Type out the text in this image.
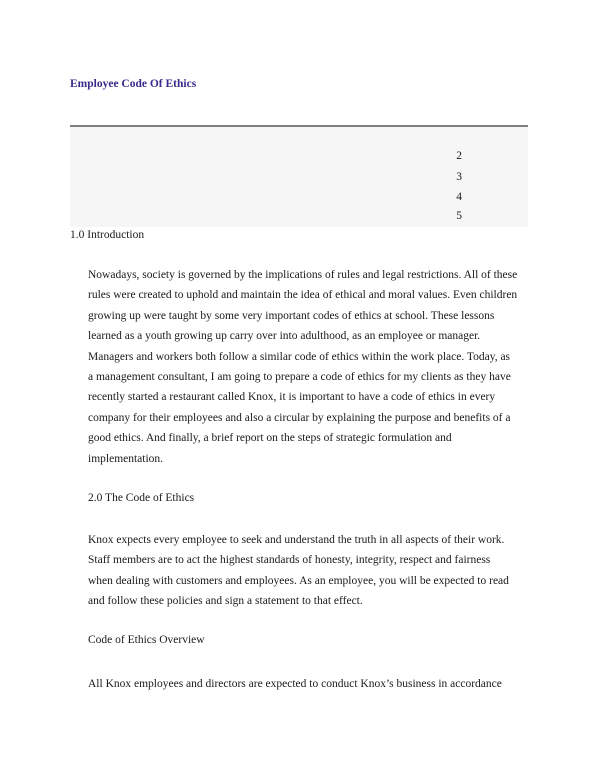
Employee Code Of Ethics

2

3

4

5

1.0 Introduction

Nowadays, society is governed by the implications of rules and legal restrictions. All of these
rules were created to uphold and maintain the idea of ethical and moral values. Even children
growing up were taught by some very important codes of ethics at school. These lessons
learned as a youth growing up carry over into adulthood, as an employee or manager.
Managers and workers both follow a similar code of ethics within the work place. Today, as
a management consultant, I am going to prepare a code of ethics for my clients as they have
recently started a restaurant called Knox, it is important to have a code of ethics in every
company for their employees and also a circular by explaining the purpose and benefits of a
good ethics. And finally, a brief report on the steps of strategic formulation and
implementation.

2.0 The Code of Ethics

Knox expects every employee to seek and understand the truth in all aspects of their work.
Staff members are to act the highest standards of honesty, integrity, respect and fairness
when dealing with customers and employees. As an employee, you will be expected to read
and follow these policies and sign a statement to that effect.

Code of Ethics Overview

All Knox employees and directors are expected to conduct Knox’s business in accordance
